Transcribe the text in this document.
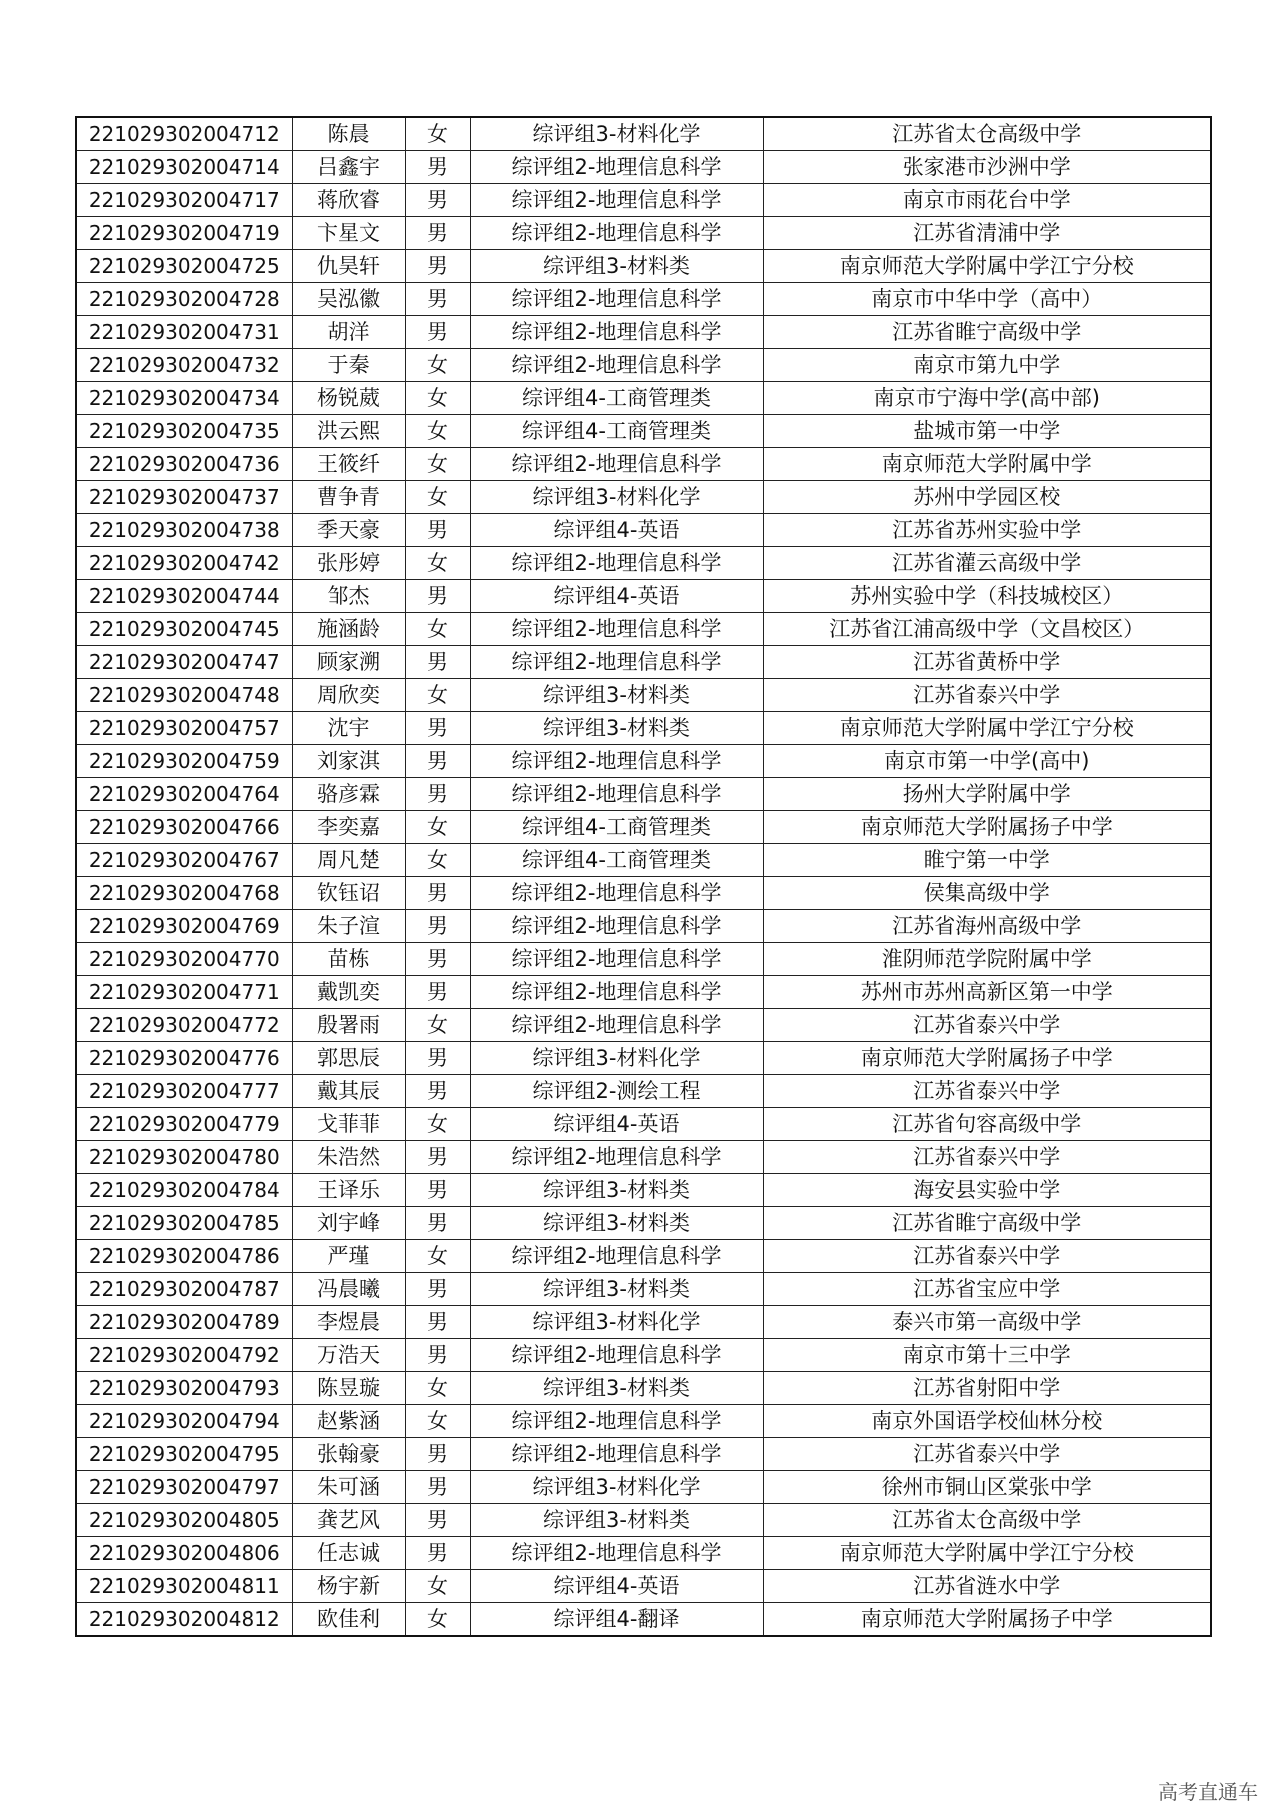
221029302004712	陈晨	女	综评组3-材料化学	江苏省太仓高级中学
221029302004714	吕鑫宇	男	综评组2-地理信息科学	张家港市沙洲中学
221029302004717	蒋欣睿	男	综评组2-地理信息科学	南京市雨花台中学
221029302004719	卞星文	男	综评组2-地理信息科学	江苏省清浦中学
221029302004725	仇昊轩	男	综评组3-材料类	南京师范大学附属中学江宁分校
221029302004728	吴泓徽	男	综评组2-地理信息科学	南京市中华中学（高中）
221029302004731	胡洋	男	综评组2-地理信息科学	江苏省睢宁高级中学
221029302004732	于秦	女	综评组2-地理信息科学	南京市第九中学
221029302004734	杨锐葳	女	综评组4-工商管理类	南京市宁海中学(高中部)
221029302004735	洪云熙	女	综评组4-工商管理类	盐城市第一中学
221029302004736	王筱纤	女	综评组2-地理信息科学	南京师范大学附属中学
221029302004737	曹争青	女	综评组3-材料化学	苏州中学园区校
221029302004738	季天豪	男	综评组4-英语	江苏省苏州实验中学
221029302004742	张彤婷	女	综评组2-地理信息科学	江苏省灌云高级中学
221029302004744	邹杰	男	综评组4-英语	苏州实验中学（科技城校区）
221029302004745	施涵龄	女	综评组2-地理信息科学	江苏省江浦高级中学（文昌校区）
221029302004747	顾家溯	男	综评组2-地理信息科学	江苏省黄桥中学
221029302004748	周欣奕	女	综评组3-材料类	江苏省泰兴中学
221029302004757	沈宇	男	综评组3-材料类	南京师范大学附属中学江宁分校
221029302004759	刘家淇	男	综评组2-地理信息科学	南京市第一中学(高中)
221029302004764	骆彦霖	男	综评组2-地理信息科学	扬州大学附属中学
221029302004766	李奕嘉	女	综评组4-工商管理类	南京师范大学附属扬子中学
221029302004767	周凡楚	女	综评组4-工商管理类	睢宁第一中学
221029302004768	钦钰诏	男	综评组2-地理信息科学	侯集高级中学
221029302004769	朱子渲	男	综评组2-地理信息科学	江苏省海州高级中学
221029302004770	苗栋	男	综评组2-地理信息科学	淮阴师范学院附属中学
221029302004771	戴凯奕	男	综评组2-地理信息科学	苏州市苏州高新区第一中学
221029302004772	殷署雨	女	综评组2-地理信息科学	江苏省泰兴中学
221029302004776	郭思辰	男	综评组3-材料化学	南京师范大学附属扬子中学
221029302004777	戴其辰	男	综评组2-测绘工程	江苏省泰兴中学
221029302004779	戈菲菲	女	综评组4-英语	江苏省句容高级中学
221029302004780	朱浩然	男	综评组2-地理信息科学	江苏省泰兴中学
221029302004784	王译乐	男	综评组3-材料类	海安县实验中学
221029302004785	刘宇峰	男	综评组3-材料类	江苏省睢宁高级中学
221029302004786	严瑾	女	综评组2-地理信息科学	江苏省泰兴中学
221029302004787	冯晨曦	男	综评组3-材料类	江苏省宝应中学
221029302004789	李煜晨	男	综评组3-材料化学	泰兴市第一高级中学
221029302004792	万浩天	男	综评组2-地理信息科学	南京市第十三中学
221029302004793	陈昱璇	女	综评组3-材料类	江苏省射阳中学
221029302004794	赵紫涵	女	综评组2-地理信息科学	南京外国语学校仙林分校
221029302004795	张翰豪	男	综评组2-地理信息科学	江苏省泰兴中学
221029302004797	朱可涵	男	综评组3-材料化学	徐州市铜山区棠张中学
221029302004805	龚艺风	男	综评组3-材料类	江苏省太仓高级中学
221029302004806	任志诚	男	综评组2-地理信息科学	南京师范大学附属中学江宁分校
221029302004811	杨宇新	女	综评组4-英语	江苏省涟水中学
221029302004812	欧佳利	女	综评组4-翻译	南京师范大学附属扬子中学
高考直通车
